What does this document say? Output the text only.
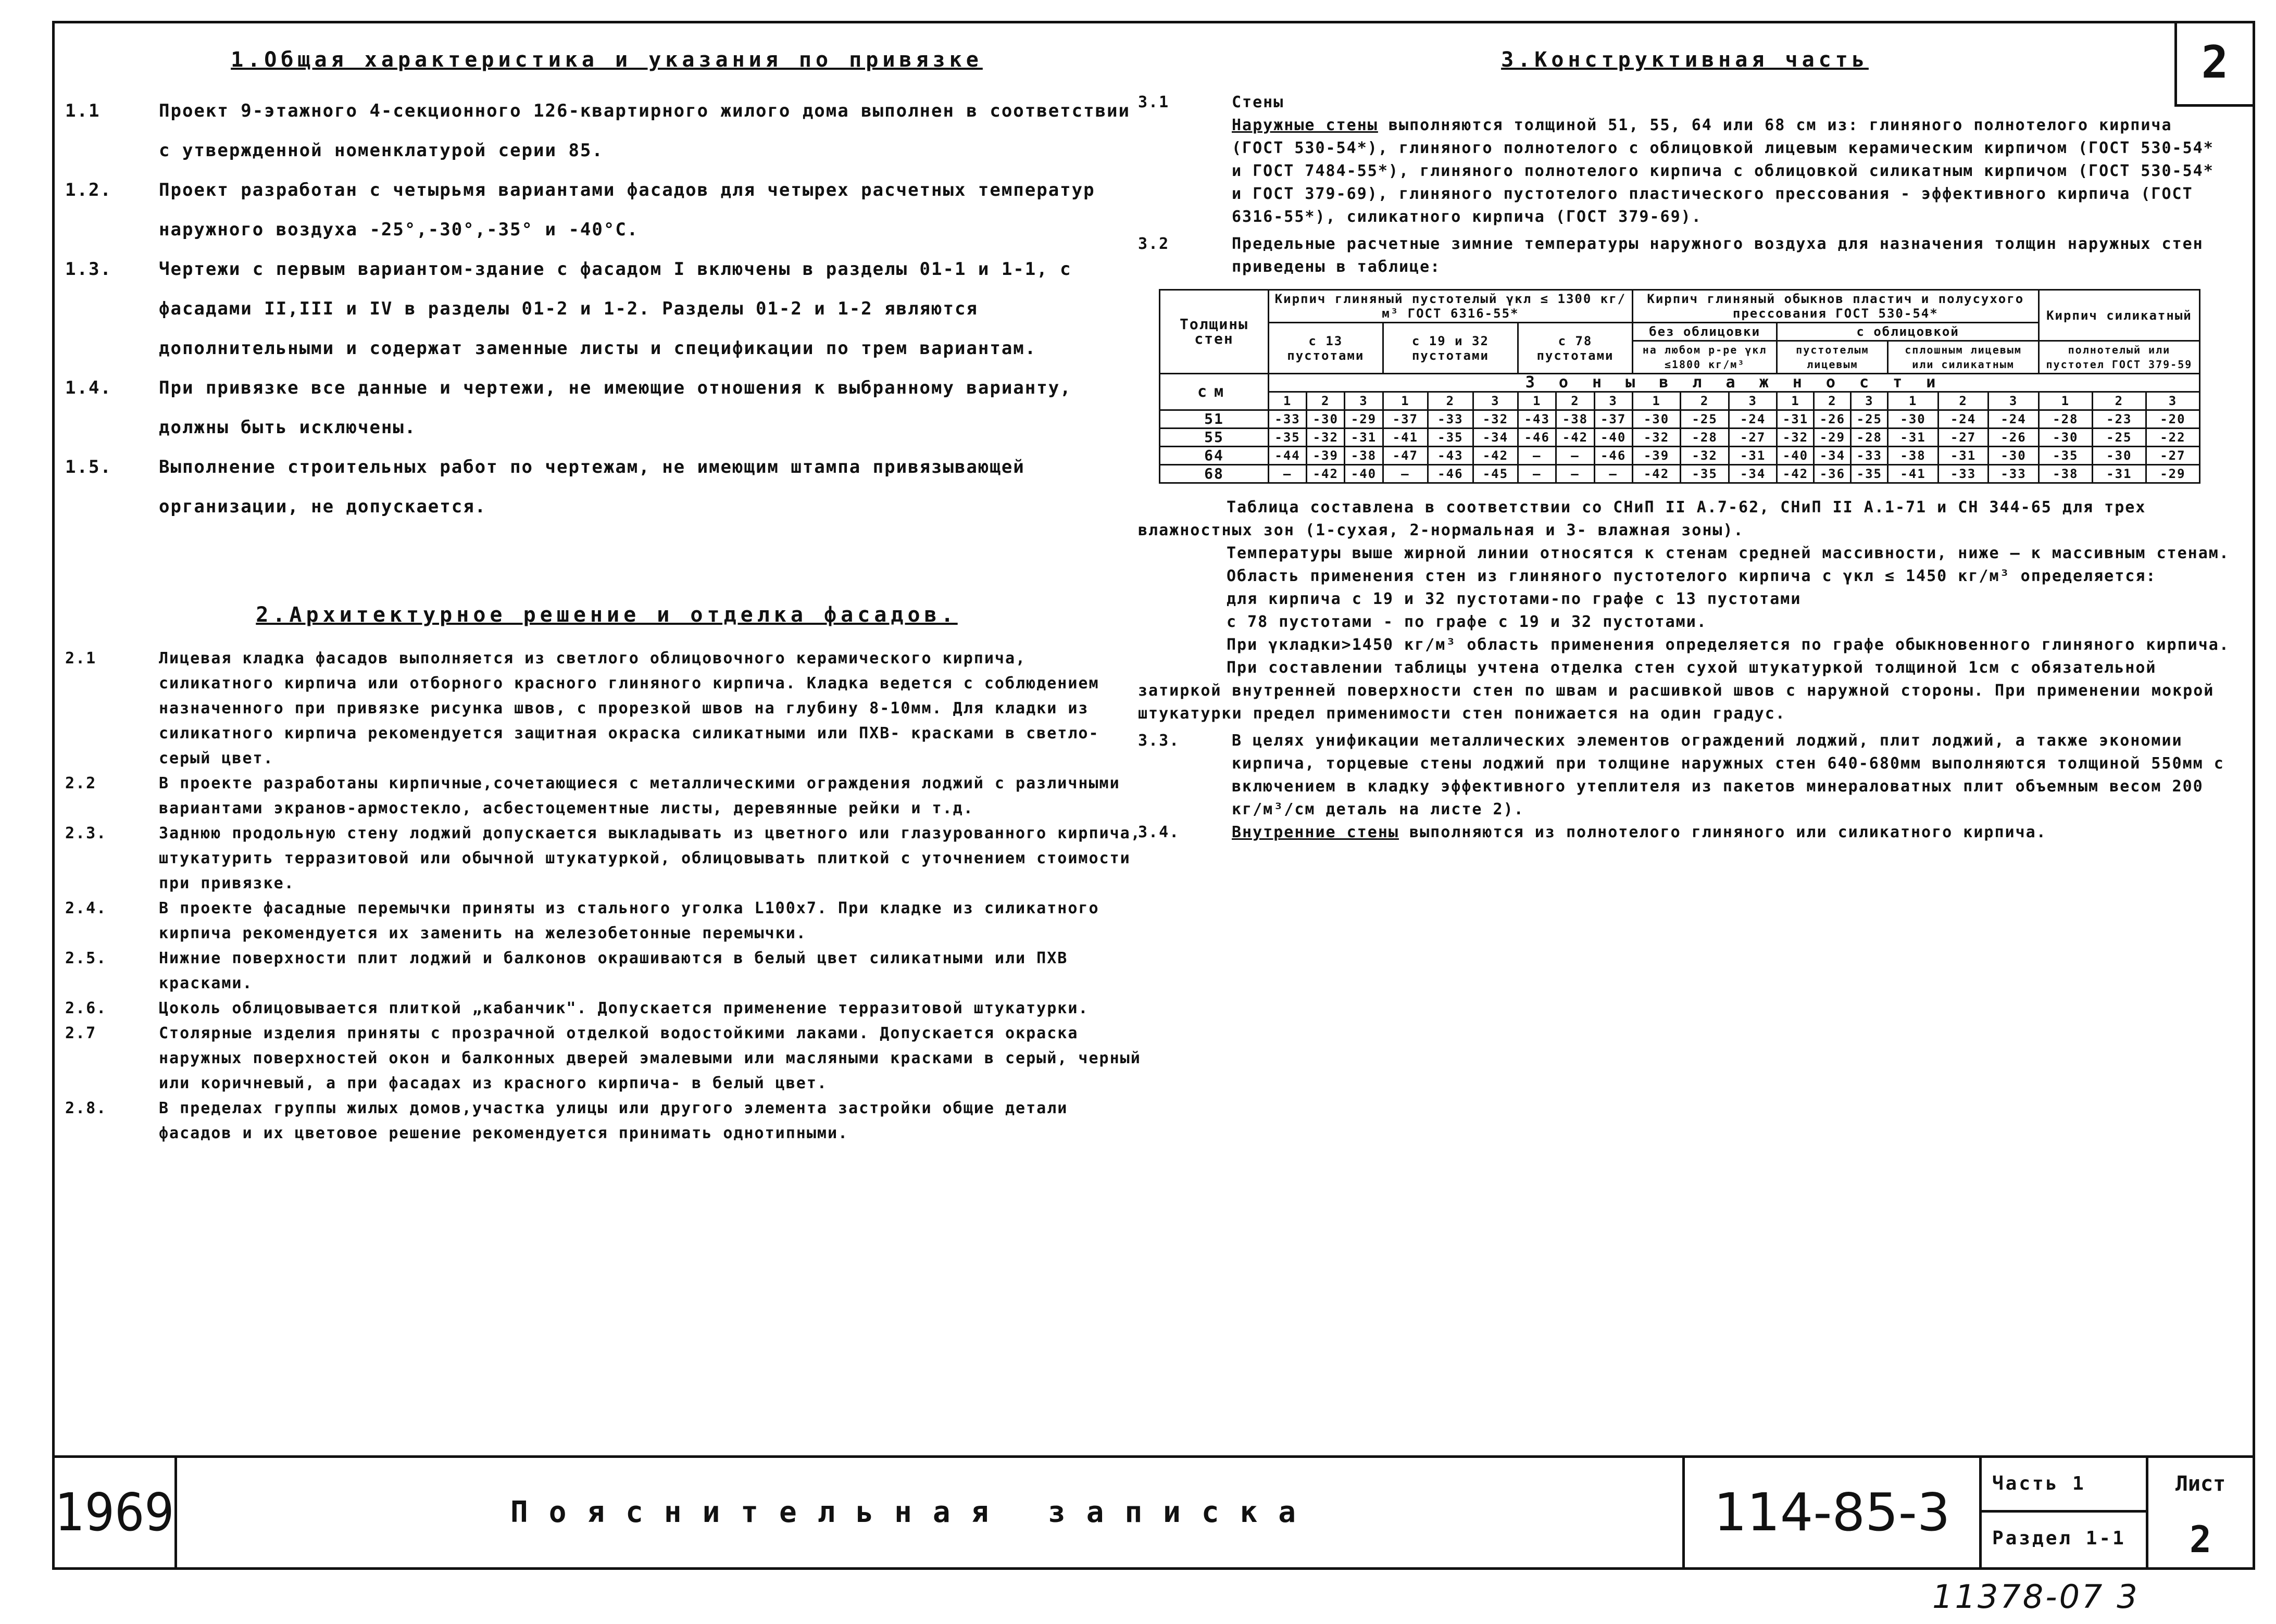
2
1.Общая характеристика и указания по привязке
1.1	Проект 9-этажного 4-секционного 126-квартирного жилого дома выполнен в соответствии с утвержденной номенклатурой серии 85.

1.2.	Проект разработан с четырьмя вариантами фасадов для четырех расчетных температур наружного воздуха -25°,-30°,-35° и -40°С.

1.3.	Чертежи с первым вариантом-здание с фасадом I включены в разделы 01-1 и 1-1, с фасадами II,III и IV в разделы 01-2 и 1-2. Разделы 01-2 и 1-2 являются дополнительными и содержат заменные листы и спецификации по трем вариантам.

1.4.	При привязке все данные и чертежи, не имеющие отношения к выбранному варианту, должны быть исключены.

1.5.	Выполнение строительных работ по чертежам, не имеющим штампа привязывающей организации, не допускается.

2.Архитектурное решение и отделка фасадов.
2.1	Лицевая кладка фасадов выполняется из светлого облицовочного керамического кирпича, силикатного кирпича или отборного красного глиняного кирпича. Кладка ведется с соблюдением назначенного при привязке рисунка швов, с прорезкой швов на глубину 8-10мм. Для кладки из силикатного кирпича рекомендуется защитная окраска силикатными или ПХВ- красками в светло- серый цвет.

2.2	В проекте разработаны кирпичные,сочетающиеся с металлическими ограждения лоджий с различными вариантами экранов-армостекло, асбестоцементные листы, деревянные рейки и т.д.

2.3.	Заднюю продольную стену лоджий допускается выкладывать из цветного или глазурованного кирпича, штукатурить терразитовой или обычной штукатуркой, облицовывать плиткой с уточнением стоимости при привязке.

2.4.	В проекте фасадные перемычки приняты из стального уголка L100х7. При кладке из силикатного кирпича рекомендуется их заменить на железобетонные перемычки.

2.5.	Нижние поверхности плит лоджий и балконов окрашиваются в белый цвет силикатными или ПХВ красками.

2.6.	Цоколь облицовывается плиткой „кабанчик". Допускается применение терразитовой штукатурки.

2.7	Столярные изделия приняты с прозрачной отделкой водостойкими лаками. Допускается окраска наружных поверхностей окон и балконных дверей эмалевыми или масляными красками в серый, черный или коричневый, а при фасадах из красного кирпича- в белый цвет.

2.8.	В пределах группы жилых домов,участка улицы или другого элемента застройки общие детали фасадов и их цветовое решение рекомендуется принимать однотипными.

3.Конструктивная часть
3.1	Стены

Наружные стены выполняются толщиной 51, 55, 64 или 68 см из: глиняного полнотелого кирпича (ГОСТ 530-54*), глиняного полнотелого с облицовкой лицевым керамическим кирпичом (ГОСТ 530-54* и ГОСТ 7484-55*), глиняного полнотелого кирпича с облицовкой силикатным кирпичом (ГОСТ 530-54* и ГОСТ 379-69), глиняного пустотелого пластического прессования - эффективного кирпича (ГОСТ 6316-55*), силикатного кирпича (ГОСТ 379-69).

3.2	Предельные расчетные зимние температуры наружного воздуха для назначения толщин наружных стен приведены в таблице:

Толщины стен	Кирпич глиняный пустотелый γкл ≤ 1300 кг/м³ ГОСТ 6316-55*									Кирпич глиняный обыкнов пластич и полусухого прессования ГОСТ 530-54*									Кирпич силикатный		
	с 13 пустотами			с 19 и 32 пустотами			с 78 пустотами			без облицовки			с облицовкой								
										на любом р-ре γкл ≤1800 кг/м³			пустотелым лицевым			сплошным лицевым или силикатным			полнотелый или пустотел ГОСТ 379-59		
см	З о н ы в л а ж н о с т и																				
	1	2	3	1	2	3	1	2	3	1	2	3	1	2	3	1	2	3	1	2	3
51	-33	-30	-29	-37	-33	-32	-43	-38	-37	-30	-25	-24	-31	-26	-25	-30	-24	-24	-28	-23	-20
55	-35	-32	-31	-41	-35	-34	-46	-42	-40	-32	-28	-27	-32	-29	-28	-31	-27	-26	-30	-25	-22
64	-44	-39	-38	-47	-43	-42	—	—	-46	-39	-32	-31	-40	-34	-33	-38	-31	-30	-35	-30	-27
68	—	-42	-40	—	-46	-45	—	—	—	-42	-35	-34	-42	-36	-35	-41	-33	-33	-38	-31	-29

Таблица составлена в соответствии со СНиП II А.7-62, СНиП II А.1-71 и СН 344-65 для трех влажностных зон (1-сухая, 2-нормальная и 3- влажная зоны).

Температуры выше жирной линии относятся к стенам средней массивности, ниже — к массивным стенам.

Область применения стен из глиняного пустотелого кирпича с γкл ≤ 1450 кг/м³ определяется:

для кирпича с 19 и 32 пустотами-по графе с 13 пустотами

с 78 пустотами - по графе с 19 и 32 пустотами.

При γкладки>1450 кг/м³ область применения определяется по графе обыкновенного глиняного кирпича.

При составлении таблицы учтена отделка стен сухой штукатуркой толщиной 1см с обязательной затиркой внутренней поверхности стен по швам и расшивкой швов с наружной стороны. При применении мокрой штукатурки предел применимости стен понижается на один градус.

3.3.	В целях унификации металлических элементов ограждений лоджий, плит лоджий, а также экономии кирпича, торцевые стены лоджий при толщине наружных стен 640-680мм выполняются толщиной 550мм с включением в кладку эффективного утеплителя из пакетов минераловатных плит объемным весом 200 кг/м³/см деталь на листе 2).

3.4.	Внутренние стены выполняются из полнотелого глиняного или силикатного кирпича.

1969	Пояснительная записка	114-85-3	Часть 1
Раздел 1-1
Лист
2
11378-07 3
